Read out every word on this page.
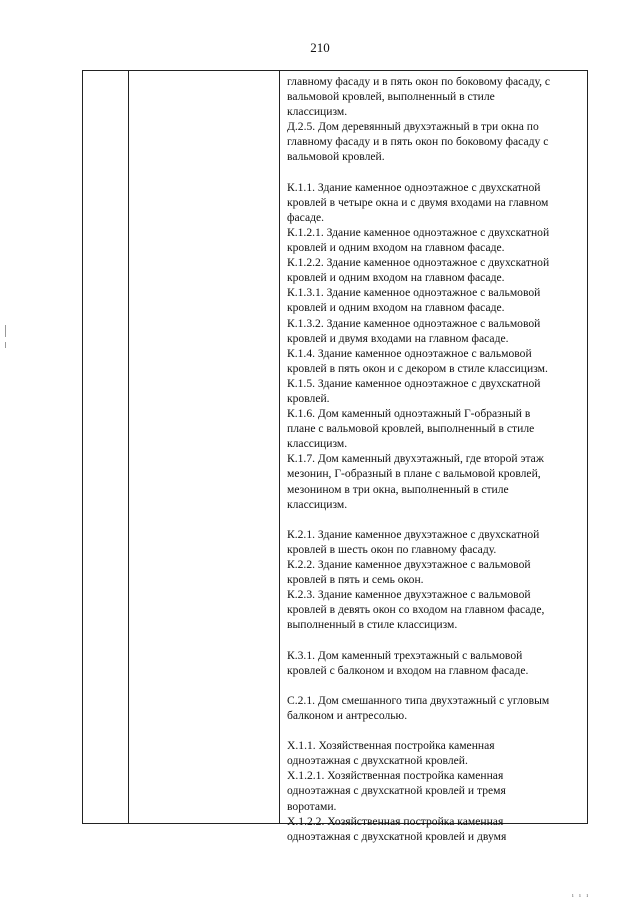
210
главному фасаду и в пять окон по боковому фасаду, с
вальмовой кровлей, выполненный в стиле
классицизм.
Д.2.5. Дом деревянный двухэтажный в три окна по
главному фасаду и в пять окон по боковому фасаду с
вальмовой кровлей.
К.1.1. Здание каменное одноэтажное с двухскатной
кровлей в четыре окна и с двумя входами на главном
фасаде.
К.1.2.1. Здание каменное одноэтажное с двухскатной
кровлей и одним входом на главном фасаде.
К.1.2.2. Здание каменное одноэтажное с двухскатной
кровлей и одним входом на главном фасаде.
К.1.3.1. Здание каменное одноэтажное с вальмовой
кровлей и одним входом на главном фасаде.
К.1.3.2. Здание каменное одноэтажное с вальмовой
кровлей и двумя входами на главном фасаде.
К.1.4. Здание каменное одноэтажное с вальмовой
кровлей в пять окон и с декором в стиле классицизм.
К.1.5. Здание каменное одноэтажное с двухскатной
кровлей.
К.1.6. Дом каменный одноэтажный Г-образный в
плане с вальмовой кровлей, выполненный в стиле
классицизм.
К.1.7. Дом каменный двухэтажный, где второй этаж
мезонин, Г-образный в плане с вальмовой кровлей,
мезонином в три окна, выполненный в стиле
классицизм.
К.2.1. Здание каменное двухэтажное с двухскатной
кровлей в шесть окон по главному фасаду.
К.2.2. Здание каменное двухэтажное с вальмовой
кровлей в пять и семь окон.
К.2.3. Здание каменное двухэтажное с вальмовой
кровлей в девять окон со входом на главном фасаде,
выполненный в стиле классицизм.
К.3.1. Дом каменный трехэтажный с вальмовой
кровлей с балконом и входом на главном фасаде.
С.2.1. Дом смешанного типа двухэтажный с угловым
балконом и антресолью.
Х.1.1. Хозяйственная постройка каменная
одноэтажная с двухскатной кровлей.
Х.1.2.1. Хозяйственная постройка каменная
одноэтажная с двухскатной кровлей и тремя
воротами.
Х.1.2.2. Хозяйственная постройка каменная
одноэтажная с двухскатной кровлей и двумя
ı ı ı
